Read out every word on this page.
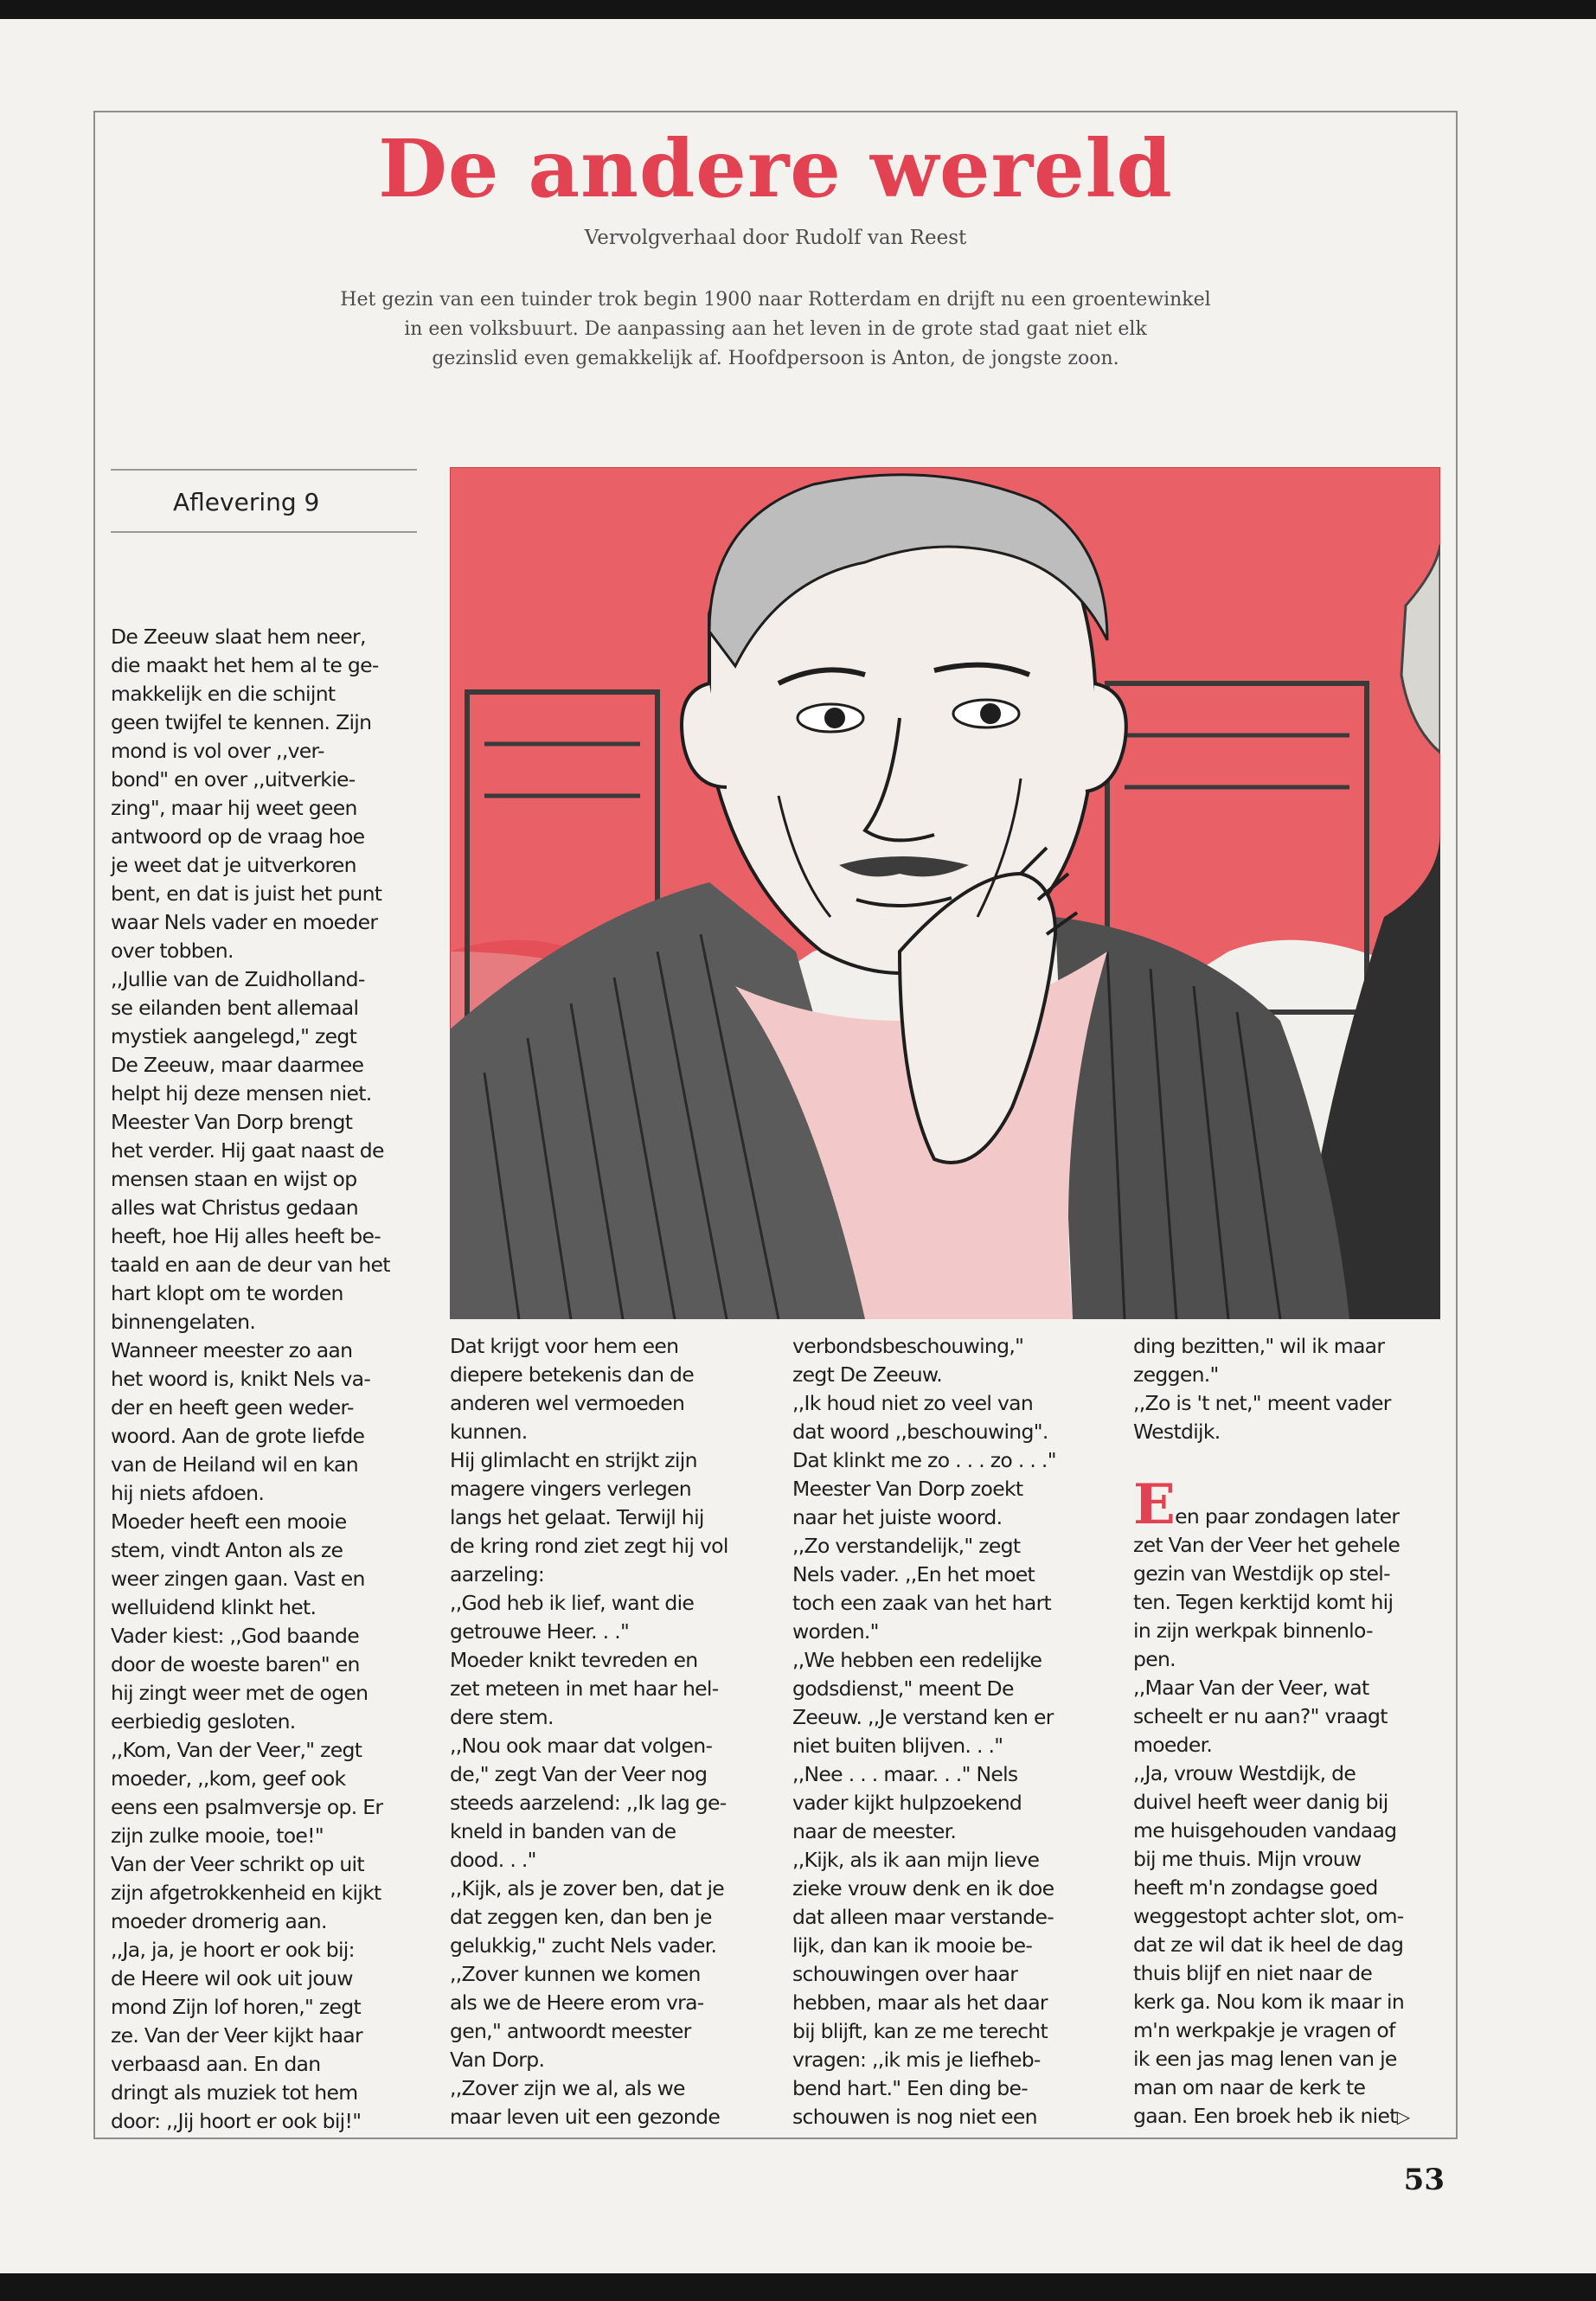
De andere wereld
Vervolgverhaal door Rudolf van Reest
Het gezin van een tuinder trok begin 1900 naar Rotterdam en drijft nu een groentewinkel
in een volksbuurt. De aanpassing aan het leven in de grote stad gaat niet elk
gezinslid even gemakkelijk af. Hoofdpersoon is Anton, de jongste zoon.
Aflevering 9
De Zeeuw slaat hem neer,
die maakt het hem al te ge-
makkelijk en die schijnt
geen twijfel te kennen. Zijn
mond is vol over ,,ver-
bond" en over ,,uitverkie-
zing", maar hij weet geen
antwoord op de vraag hoe
je weet dat je uitverkoren
bent, en dat is juist het punt
waar Nels vader en moeder
over tobben.
,,Jullie van de Zuidholland-
se eilanden bent allemaal
mystiek aangelegd," zegt
De Zeeuw, maar daarmee
helpt hij deze mensen niet.
Meester Van Dorp brengt
het verder. Hij gaat naast de
mensen staan en wijst op
alles wat Christus gedaan
heeft, hoe Hij alles heeft be-
taald en aan de deur van het
hart klopt om te worden
binnengelaten.
Wanneer meester zo aan
het woord is, knikt Nels va-
der en heeft geen weder-
woord. Aan de grote liefde
van de Heiland wil en kan
hij niets afdoen.
Moeder heeft een mooie
stem, vindt Anton als ze
weer zingen gaan. Vast en
welluidend klinkt het.
Vader kiest: ,,God baande
door de woeste baren" en
hij zingt weer met de ogen
eerbiedig gesloten.
,,Kom, Van der Veer," zegt
moeder, ,,kom, geef ook
eens een psalmversje op. Er
zijn zulke mooie, toe!"
Van der Veer schrikt op uit
zijn afgetrokkenheid en kijkt
moeder dromerig aan.
,,Ja, ja, je hoort er ook bij:
de Heere wil ook uit jouw
mond Zijn lof horen," zegt
ze. Van der Veer kijkt haar
verbaasd aan. En dan
dringt als muziek tot hem
door: ,,Jij hoort er ook bij!"
Dat krijgt voor hem een
diepere betekenis dan de
anderen wel vermoeden
kunnen.
Hij glimlacht en strijkt zijn
magere vingers verlegen
langs het gelaat. Terwijl hij
de kring rond ziet zegt hij vol
aarzeling:
,,God heb ik lief, want die
getrouwe Heer. . ."
Moeder knikt tevreden en
zet meteen in met haar hel-
dere stem.
,,Nou ook maar dat volgen-
de," zegt Van der Veer nog
steeds aarzelend: ,,Ik lag ge-
kneld in banden van de
dood. . ."
,,Kijk, als je zover ben, dat je
dat zeggen ken, dan ben je
gelukkig," zucht Nels vader.
,,Zover kunnen we komen
als we de Heere erom vra-
gen," antwoordt meester
Van Dorp.
,,Zover zijn we al, als we
maar leven uit een gezonde
verbondsbeschouwing,"
zegt De Zeeuw.
,,Ik houd niet zo veel van
dat woord ,,beschouwing".
Dat klinkt me zo . . . zo . . ."
Meester Van Dorp zoekt
naar het juiste woord.
,,Zo verstandelijk," zegt
Nels vader. ,,En het moet
toch een zaak van het hart
worden."
,,We hebben een redelijke
godsdienst," meent De
Zeeuw. ,,Je verstand ken er
niet buiten blijven. . ."
,,Nee . . . maar. . ." Nels
vader kijkt hulpzoekend
naar de meester.
,,Kijk, als ik aan mijn lieve
zieke vrouw denk en ik doe
dat alleen maar verstande-
lijk, dan kan ik mooie be-
schouwingen over haar
hebben, maar als het daar
bij blijft, kan ze me terecht
vragen: ,,ik mis je liefheb-
bend hart." Een ding be-
schouwen is nog niet een
ding bezitten," wil ik maar
zeggen."
,,Zo is 't net," meent vader
Westdijk.
Een paar zondagen later
zet Van der Veer het gehele
gezin van Westdijk op stel-
ten. Tegen kerktijd komt hij
in zijn werkpak binnenlo-
pen.
,,Maar Van der Veer, wat
scheelt er nu aan?" vraagt
moeder.
,,Ja, vrouw Westdijk, de
duivel heeft weer danig bij
me huisgehouden vandaag
bij me thuis. Mijn vrouw
heeft m'n zondagse goed
weggestopt achter slot, om-
dat ze wil dat ik heel de dag
thuis blijf en niet naar de
kerk ga. Nou kom ik maar in
m'n werkpakje je vragen of
ik een jas mag lenen van je
man om naar de kerk te
gaan. Een broek heb ik niet▷
53
